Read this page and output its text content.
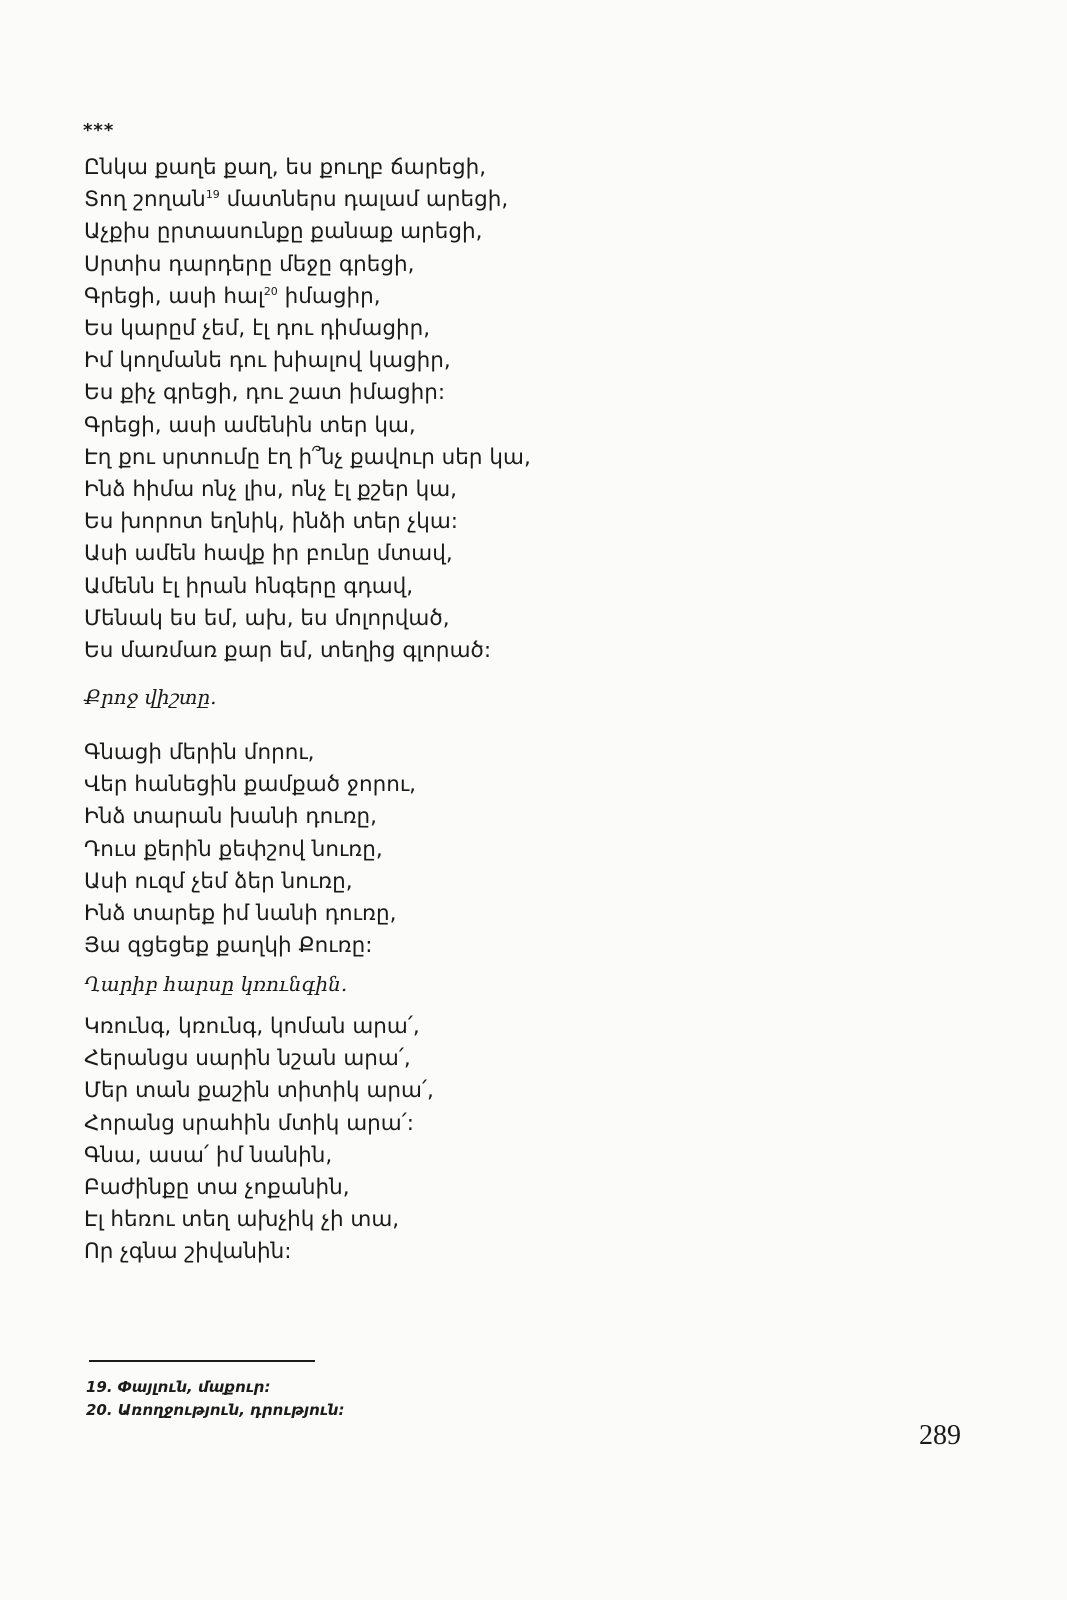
***
Ընկա քաղե քաղ, ես քուղբ ճարեցի,
Տող շողան$^{19}$ մատներս դալամ արեցի,
Աչքիս ըրտասունքը քանաք արեցի,
Սրտիս դարդերը մեջը գրեցի,
Գրեցի, ասի հալ$^{20}$ իմացիր,
Ես կարըմ չեմ, էլ դու դիմացիր,
Իմ կողմանե դու խիալով կացիր,
Ես քիչ գրեցի, դու շատ իմացիր:
Գրեցի, ասի ամենին տեր կա,
Էղ քու սրտումը էղ ի՞նչ քավուր սեր կա,
Ինձ հիմա ոնչ լիս, ոնչ էլ քշեր կա,
Ես խորոտ եղնիկ, ինձի տեր չկա:
Ասի ամեն հավք իր բունը մտավ,
Ամենն էլ իրան հնգերը գդավ,
Մենակ ես եմ, ախ, ես մոլորված,
Ես մառմառ քար եմ, տեղից գլորած:
Քրոջ վիշտը.
Գնացի մերին մորու,
Վեր հանեցին քամքած ջորու,
Ինձ տարան խանի դուռը,
Դուս քերին քեփշով նուռը,
Ասի ուզմ չեմ ձեր նուռը,
Ինձ տարեք իմ նանի դուռը,
Յա զցեցեք քաղկի Քուռը:
Ղարիբ հարսը կռունգին.
Կռունգ, կռունգ, կոման արա՛,
Հերանցս սարին նշան արա՛,
Մեր տան քաշին տիտիկ արա՛,
Հորանց սրահին մտիկ արա՛:
Գնա, ասա՛ իմ նանին,
Բաժինքը տա չոքանին,
Էլ հեռու տեղ ախչիկ չի տա,
Որ չգնա շիվանին:
19. Փայլուն, մաքուր:
20. Առողջություն, դրություն:
289
